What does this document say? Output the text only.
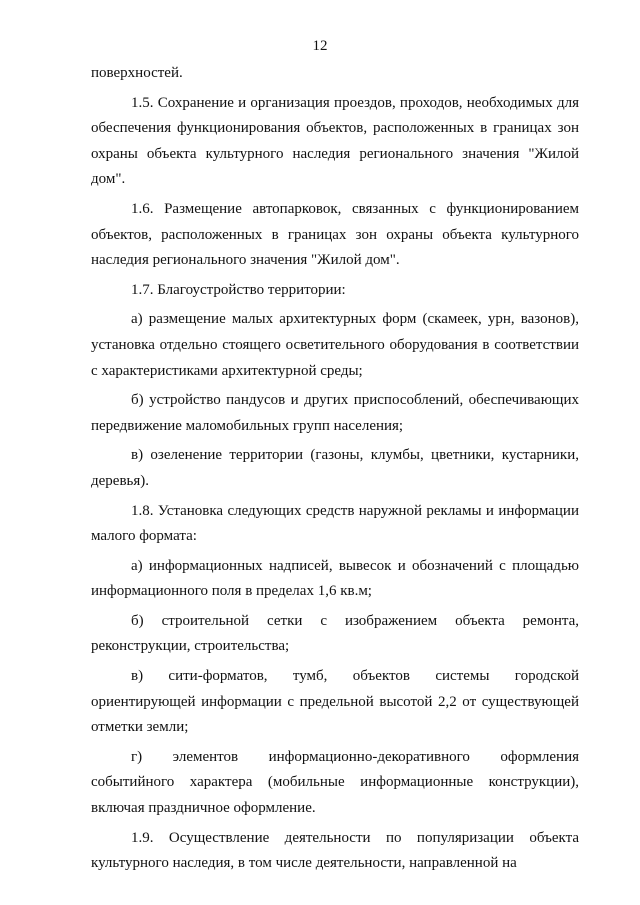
12

поверхностей.

1.5. Сохранение и организация проездов, проходов, необходимых для обеспечения функционирования объектов, расположенных в границах зон охраны объекта культурного наследия регионального значения "Жилой дом".

1.6. Размещение автопарковок, связанных с функционированием объектов, расположенных в границах зон охраны объекта культурного наследия регионального значения "Жилой дом".

1.7. Благоустройство территории:

а) размещение малых архитектурных форм (скамеек, урн, вазонов), установка отдельно стоящего осветительного оборудования в соответствии с характеристиками архитектурной среды;

б) устройство пандусов и других приспособлений, обеспечивающих передвижение маломобильных групп населения;

в) озеленение территории (газоны, клумбы, цветники, кустарники, деревья).

1.8. Установка следующих средств наружной рекламы и информации малого формата:

а) информационных надписей, вывесок и обозначений с площадью информационного поля в пределах 1,6 кв.м;

б) строительной сетки с изображением объекта ремонта, реконструкции, строительства;

в) сити-форматов, тумб, объектов системы городской ориентирующей информации с предельной высотой 2,2 от существующей отметки земли;

г) элементов информационно-декоративного оформления событийного характера (мобильные информационные конструкции), включая праздничное оформление.

1.9. Осуществление деятельности по популяризации объекта культурного наследия, в том числе деятельности, направленной на
